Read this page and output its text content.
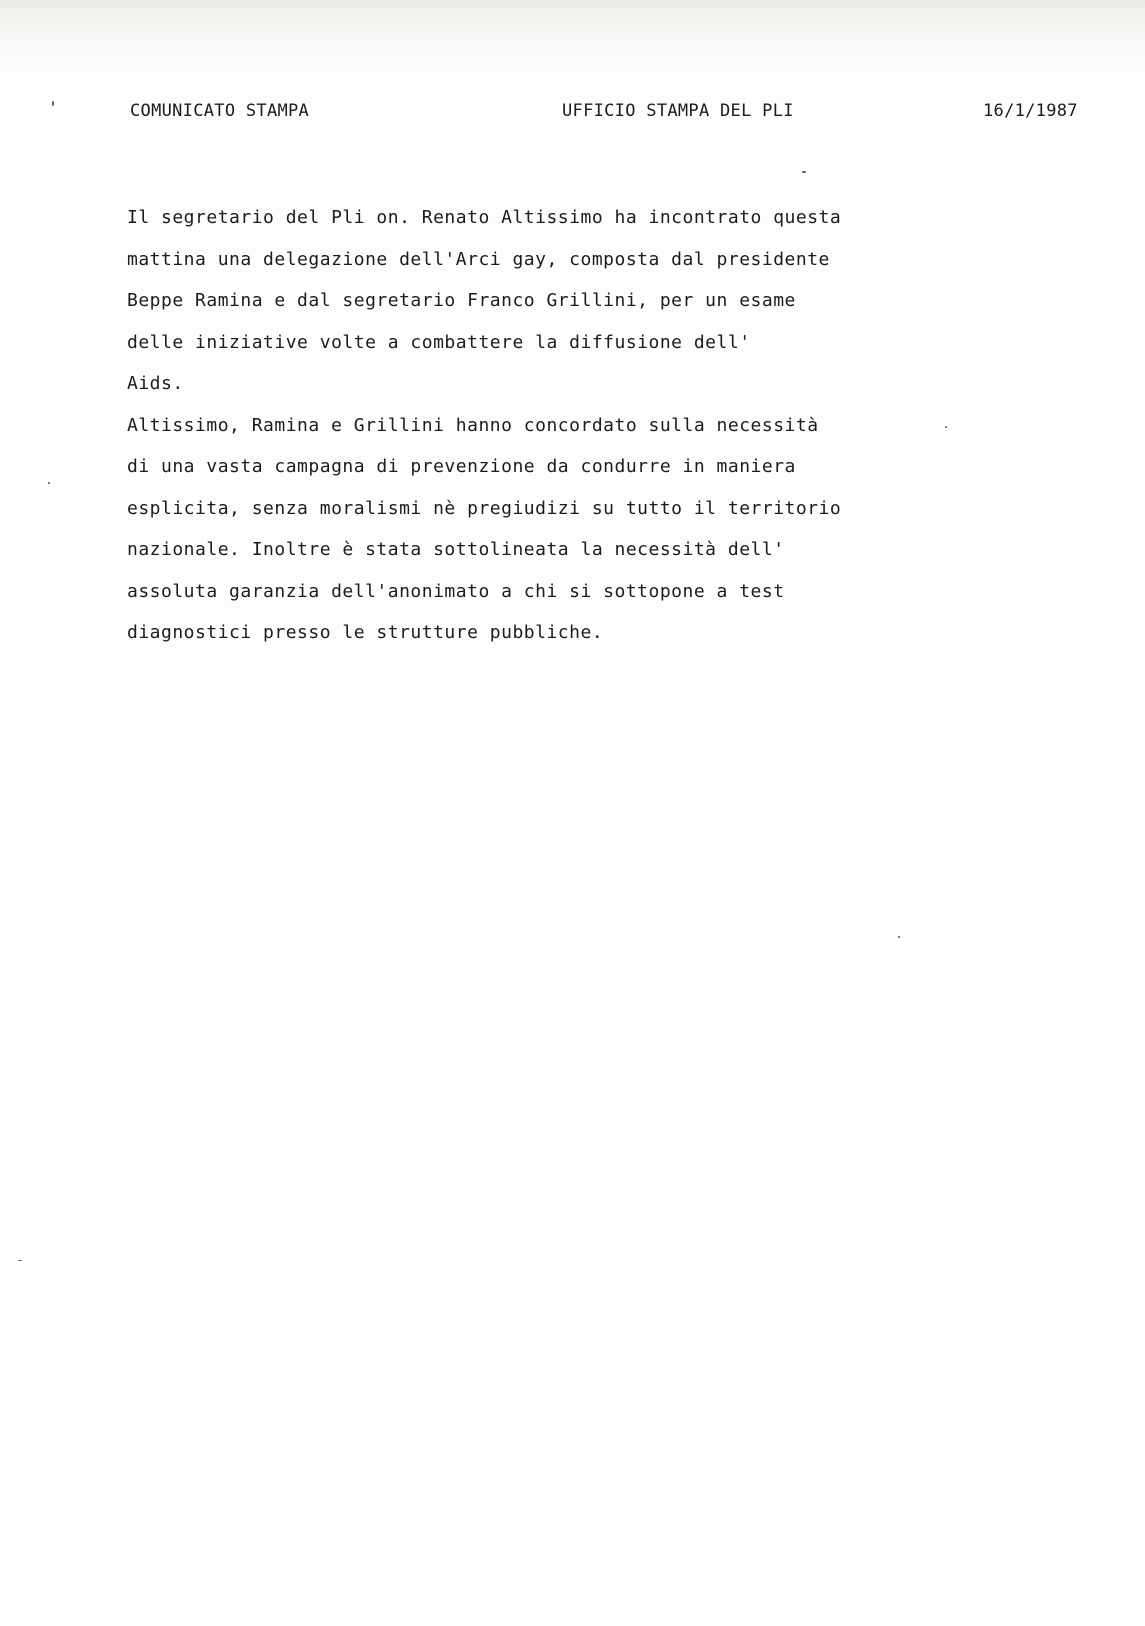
COMUNICATO STAMPA	UFFICIO STAMPA DEL PLI	16/1/1987
Il segretario del Pli on. Renato Altissimo ha incontrato questa
mattina una delegazione dell'Arci gay, composta dal presidente
Beppe Ramina e dal segretario Franco Grillini, per un esame
delle iniziative volte a combattere la diffusione dell'
Aids.
Altissimo, Ramina e Grillini hanno concordato sulla necessità
di una vasta campagna di prevenzione da condurre in maniera
esplicita, senza moralismi nè pregiudizi su tutto il territorio
nazionale. Inoltre è stata sottolineata la necessità dell'
assoluta garanzia dell'anonimato a chi si sottopone a test
diagnostici presso le strutture pubbliche.
